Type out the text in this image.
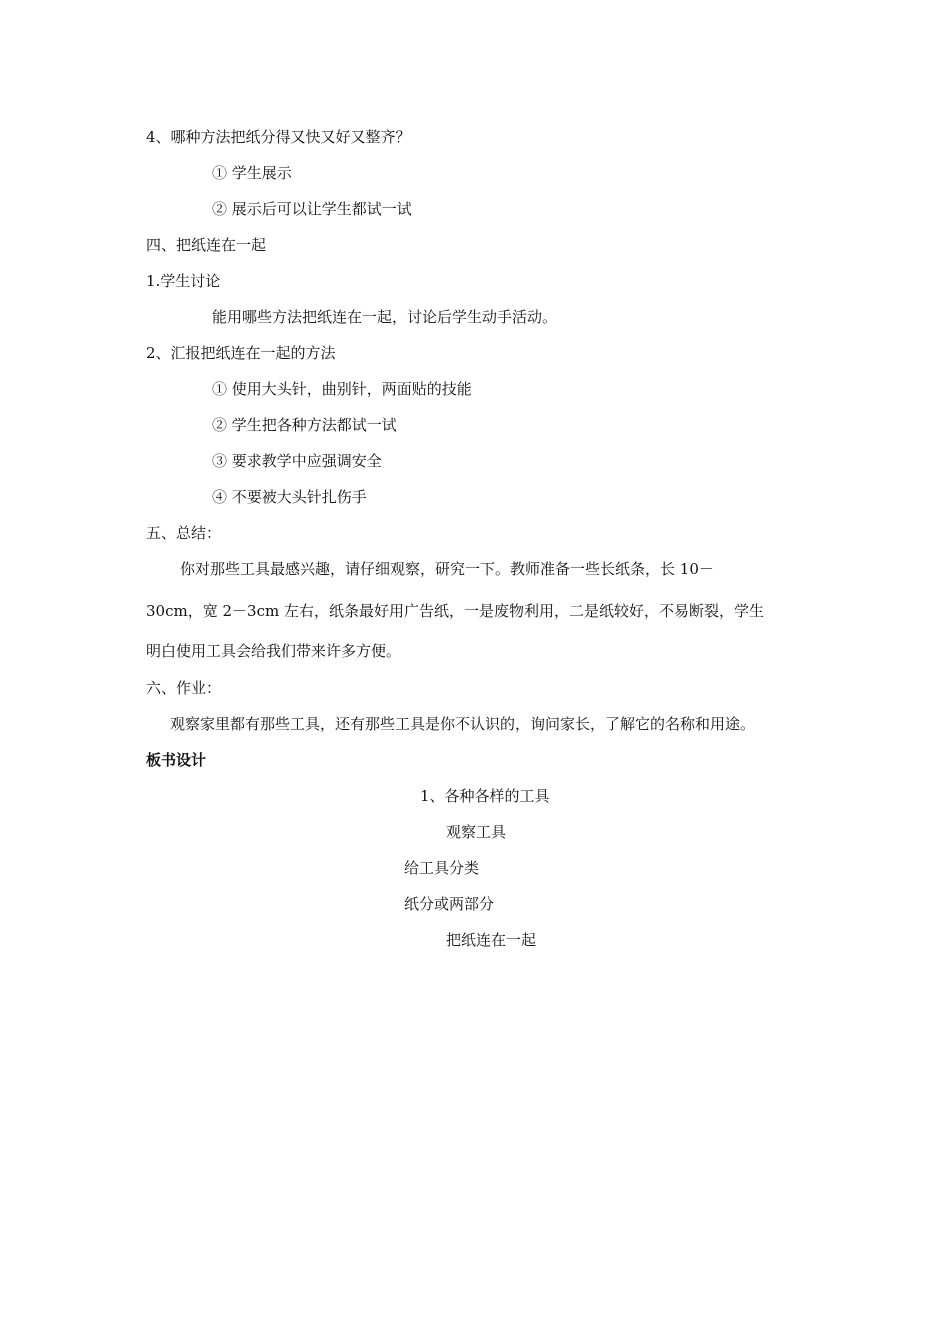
4、哪种方法把纸分得又快又好又整齐？
① 学生展示
② 展示后可以让学生都试一试
四、把纸连在一起
1.学生讨论
能用哪些方法把纸连在一起，讨论后学生动手活动。
2、汇报把纸连在一起的方法
① 使用大头针，曲别针，两面贴的技能
② 学生把各种方法都试一试
③ 要求教学中应强调安全
④ 不要被大头针扎伤手
五、总结：
你对那些工具最感兴趣，请仔细观察，研究一下。教师准备一些长纸条，长 10－
30cm，宽 2－3cm 左右，纸条最好用广告纸，一是废物利用，二是纸较好，不易断裂，学生
明白使用工具会给我们带来许多方便。
六、作业：
观察家里都有那些工具，还有那些工具是你不认识的，询问家长，了解它的名称和用途。
板书设计
1、各种各样的工具
观察工具
给工具分类
纸分或两部分
把纸连在一起
